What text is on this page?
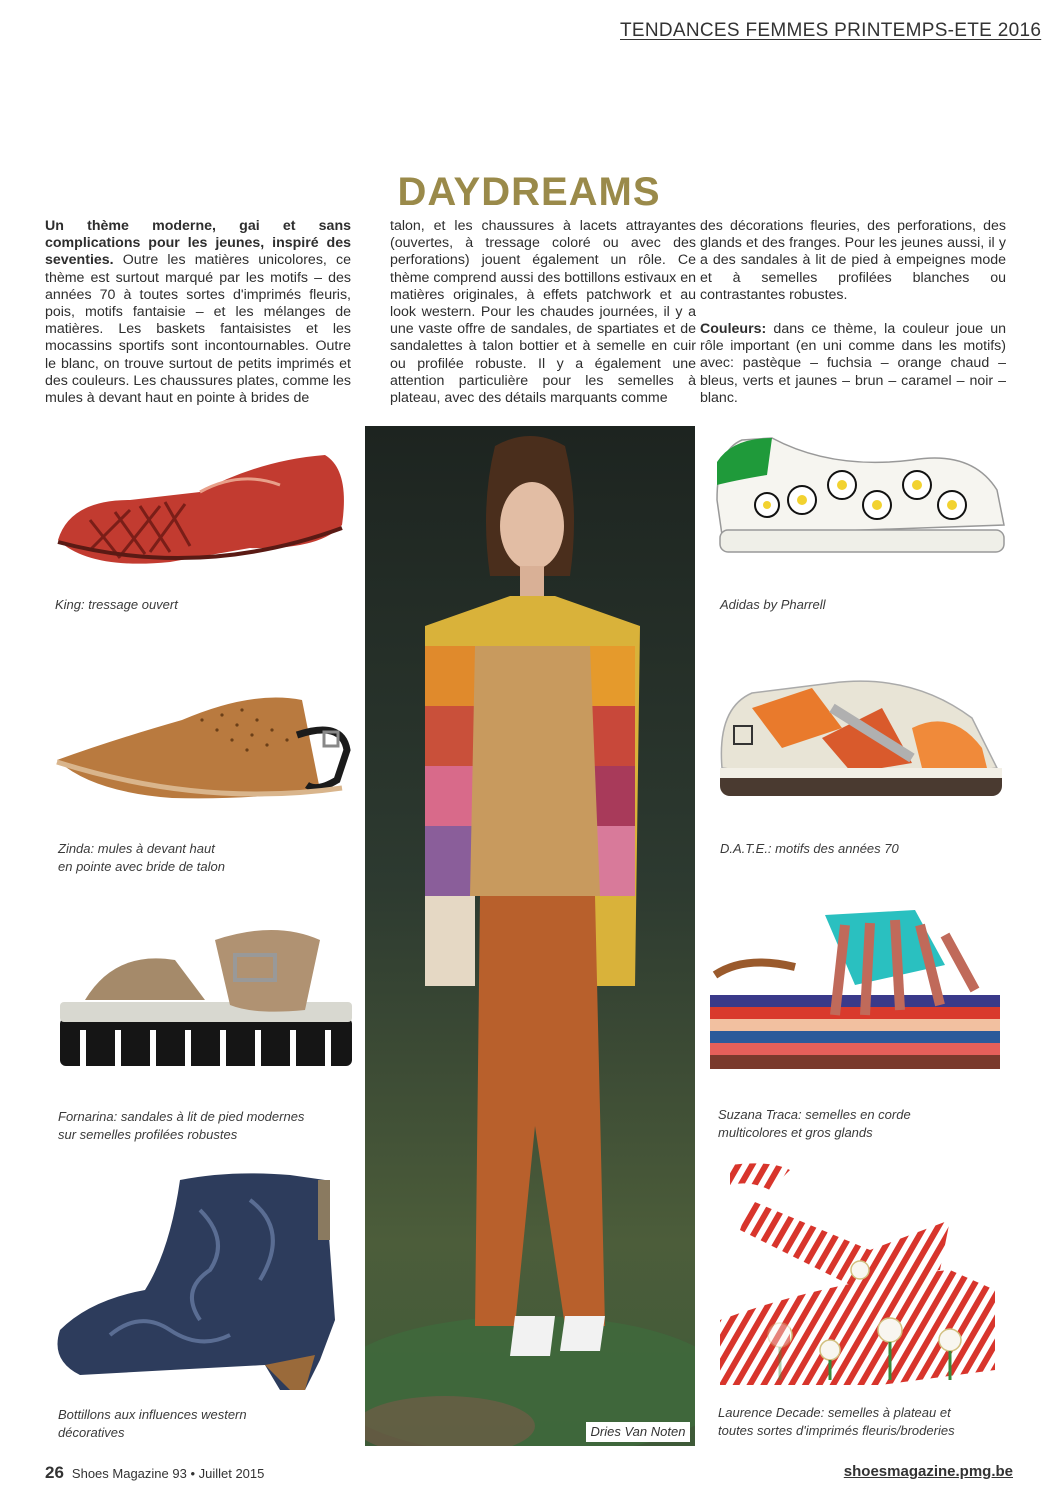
TENDANCES FEMMES PRINTEMPS-ETE 2016
DAYDREAMS

Un thème moderne, gai et sans complications pour les jeunes, inspiré des seventies. Outre les matières unicolores, ce thème est surtout marqué par les motifs – des années 70 à toutes sortes d'imprimés fleuris, pois, motifs fantaisie – et les mélanges de matières. Les baskets fantaisistes et les mocassins sportifs sont incontournables. Outre le blanc, on trouve surtout de petits imprimés et des couleurs. Les chaussures plates, comme les mules à devant haut en pointe à brides de

talon, et les chaussures à lacets attrayantes (ouvertes, à tressage coloré ou avec des perforations) jouent également un rôle. Ce thème comprend aussi des bottillons estivaux en matières originales, à effets patchwork et au look western. Pour les chaudes journées, il y a une vaste offre de sandales, de spartiates et de sandalettes à talon bottier et à semelle en cuir ou profilée robuste. Il y a également une attention particulière pour les semelles à plateau, avec des détails marquants comme

des décorations fleuries, des perforations, des glands et des franges. Pour les jeunes aussi, il y a des sandales à lit de pied à empeignes mode et à semelles profilées blanches ou contrastantes robustes.

Couleurs: dans ce thème, la couleur joue un rôle important (en uni comme dans les motifs) avec: pastèque – fuchsia – orange chaud – bleus, verts et jaunes – brun – caramel – noir – blanc.

King: tressage ouvert
Zinda: mules à devant haut
en pointe avec bride de talon
Fornarina: sandales à lit de pied modernes
sur semelles profilées robustes
Bottillons aux influences western
décoratives	Dries Van Noten
Adidas by Pharrell
D.A.T.E.: motifs des années 70
Suzana Traca: semelles en corde
multicolores et gros glands
Laurence Decade: semelles à plateau et
toutes sortes d'imprimés fleuris/broderies
26 Shoes Magazine 93 • Juillet 2015	shoesmagazine.pmg.be
